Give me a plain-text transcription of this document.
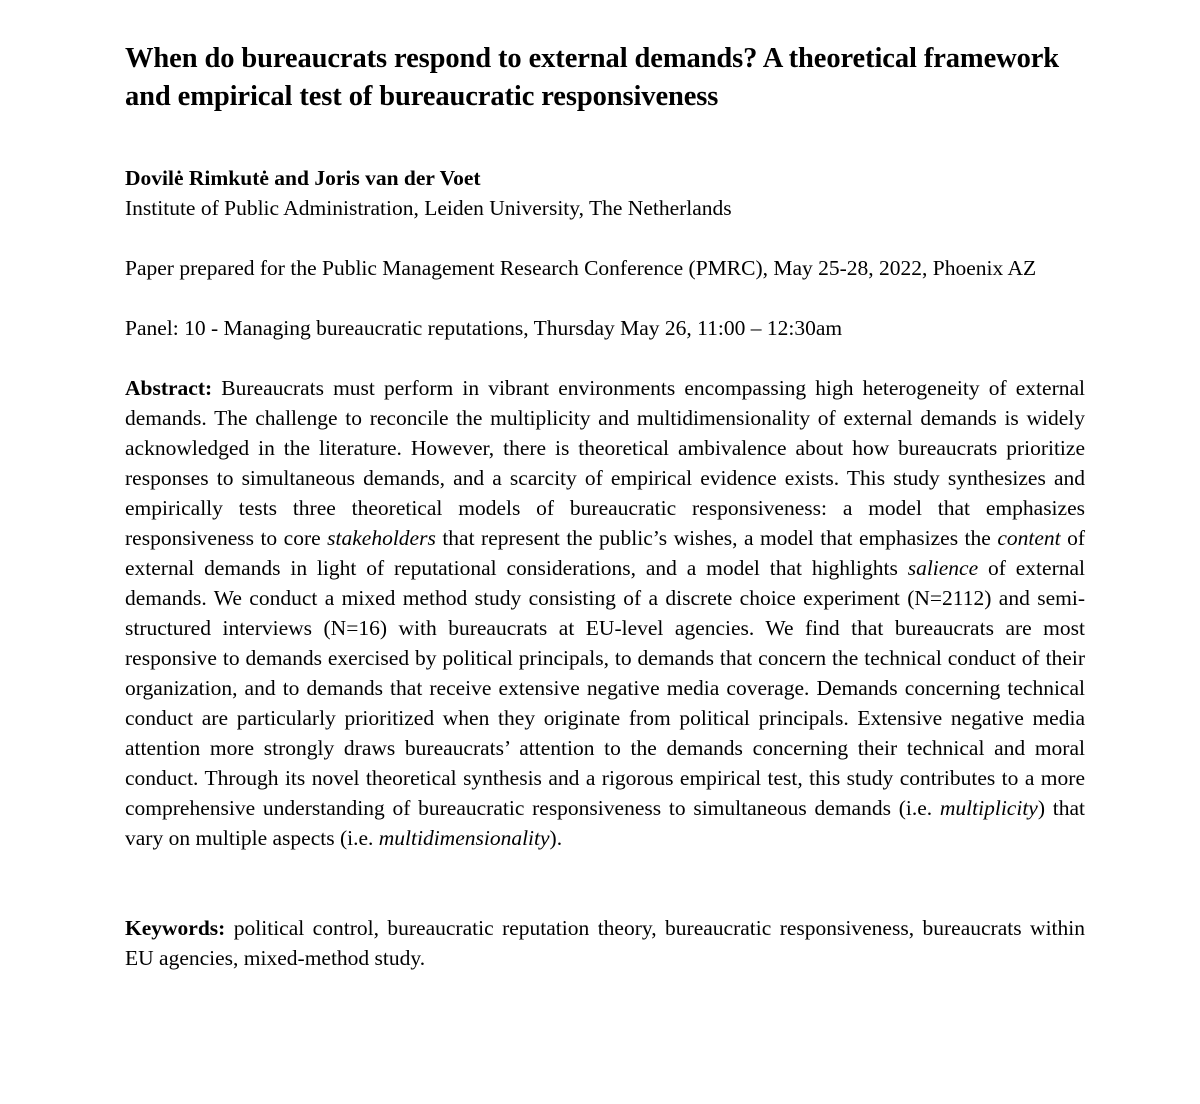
When do bureaucrats respond to external demands? A theoretical framework and empirical test of bureaucratic responsiveness
Dovilė Rimkutė and Joris van der Voet
Institute of Public Administration, Leiden University, The Netherlands
Paper prepared for the Public Management Research Conference (PMRC), May 25-28, 2022, Phoenix AZ
Panel: 10 - Managing bureaucratic reputations, Thursday May 26, 11:00 – 12:30am
Abstract: Bureaucrats must perform in vibrant environments encompassing high heterogeneity of external demands. The challenge to reconcile the multiplicity and multidimensionality of external demands is widely acknowledged in the literature. However, there is theoretical ambivalence about how bureaucrats prioritize responses to simultaneous demands, and a scarcity of empirical evidence exists. This study synthesizes and empirically tests three theoretical models of bureaucratic responsiveness: a model that emphasizes responsiveness to core stakeholders that represent the public’s wishes, a model that emphasizes the content of external demands in light of reputational considerations, and a model that highlights salience of external demands. We conduct a mixed method study consisting of a discrete choice experiment (N=2112) and semi-structured interviews (N=16) with bureaucrats at EU-level agencies. We find that bureaucrats are most responsive to demands exercised by political principals, to demands that concern the technical conduct of their organization, and to demands that receive extensive negative media coverage. Demands concerning technical conduct are particularly prioritized when they originate from political principals. Extensive negative media attention more strongly draws bureaucrats’ attention to the demands concerning their technical and moral conduct. Through its novel theoretical synthesis and a rigorous empirical test, this study contributes to a more comprehensive understanding of bureaucratic responsiveness to simultaneous demands (i.e. multiplicity) that vary on multiple aspects (i.e. multidimensionality).
Keywords: political control, bureaucratic reputation theory, bureaucratic responsiveness, bureaucrats within EU agencies, mixed-method study.
